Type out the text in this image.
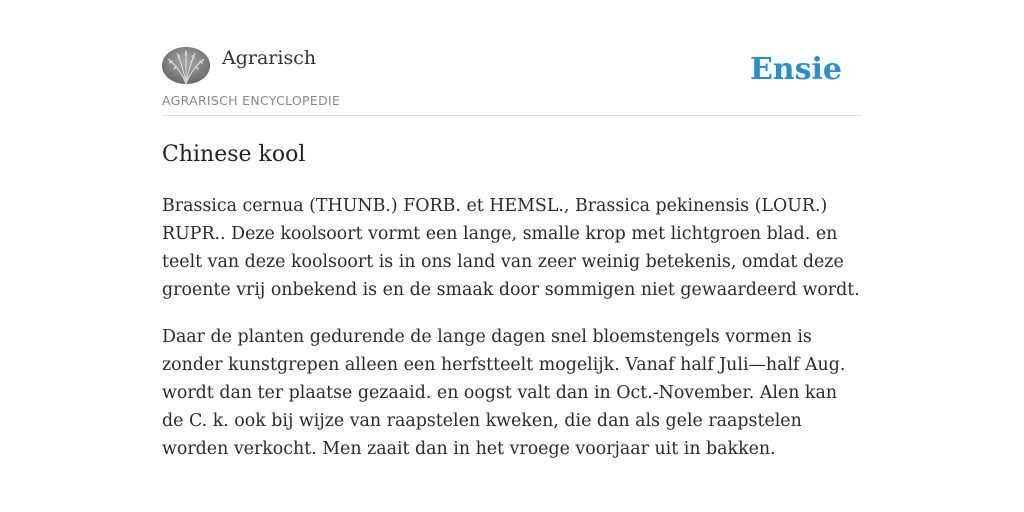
Agrarisch
AGRARISCH ENCYCLOPEDIE
Ensie
Chinese kool

Brassica cernua (THUNB.) FORB. et HEMSL., Brassica pekinensis (LOUR.) RUPR.. Deze koolsoort vormt een lange, smalle krop met lichtgroen blad. en teelt van deze koolsoort is in ons land van zeer weinig betekenis, omdat deze groente vrij onbekend is en de smaak door sommigen niet gewaardeerd wordt.

Daar de planten gedurende de lange dagen snel bloemstengels vormen is zonder kunstgrepen alleen een herfstteelt mogelijk. Vanaf half Juli—half Aug. wordt dan ter plaatse gezaaid. en oogst valt dan in Oct.-November. Alen kan de C. k. ook bij wijze van raapstelen kweken, die dan als gele raapstelen worden verkocht. Men zaait dan in het vroege voorjaar uit in bakken.
